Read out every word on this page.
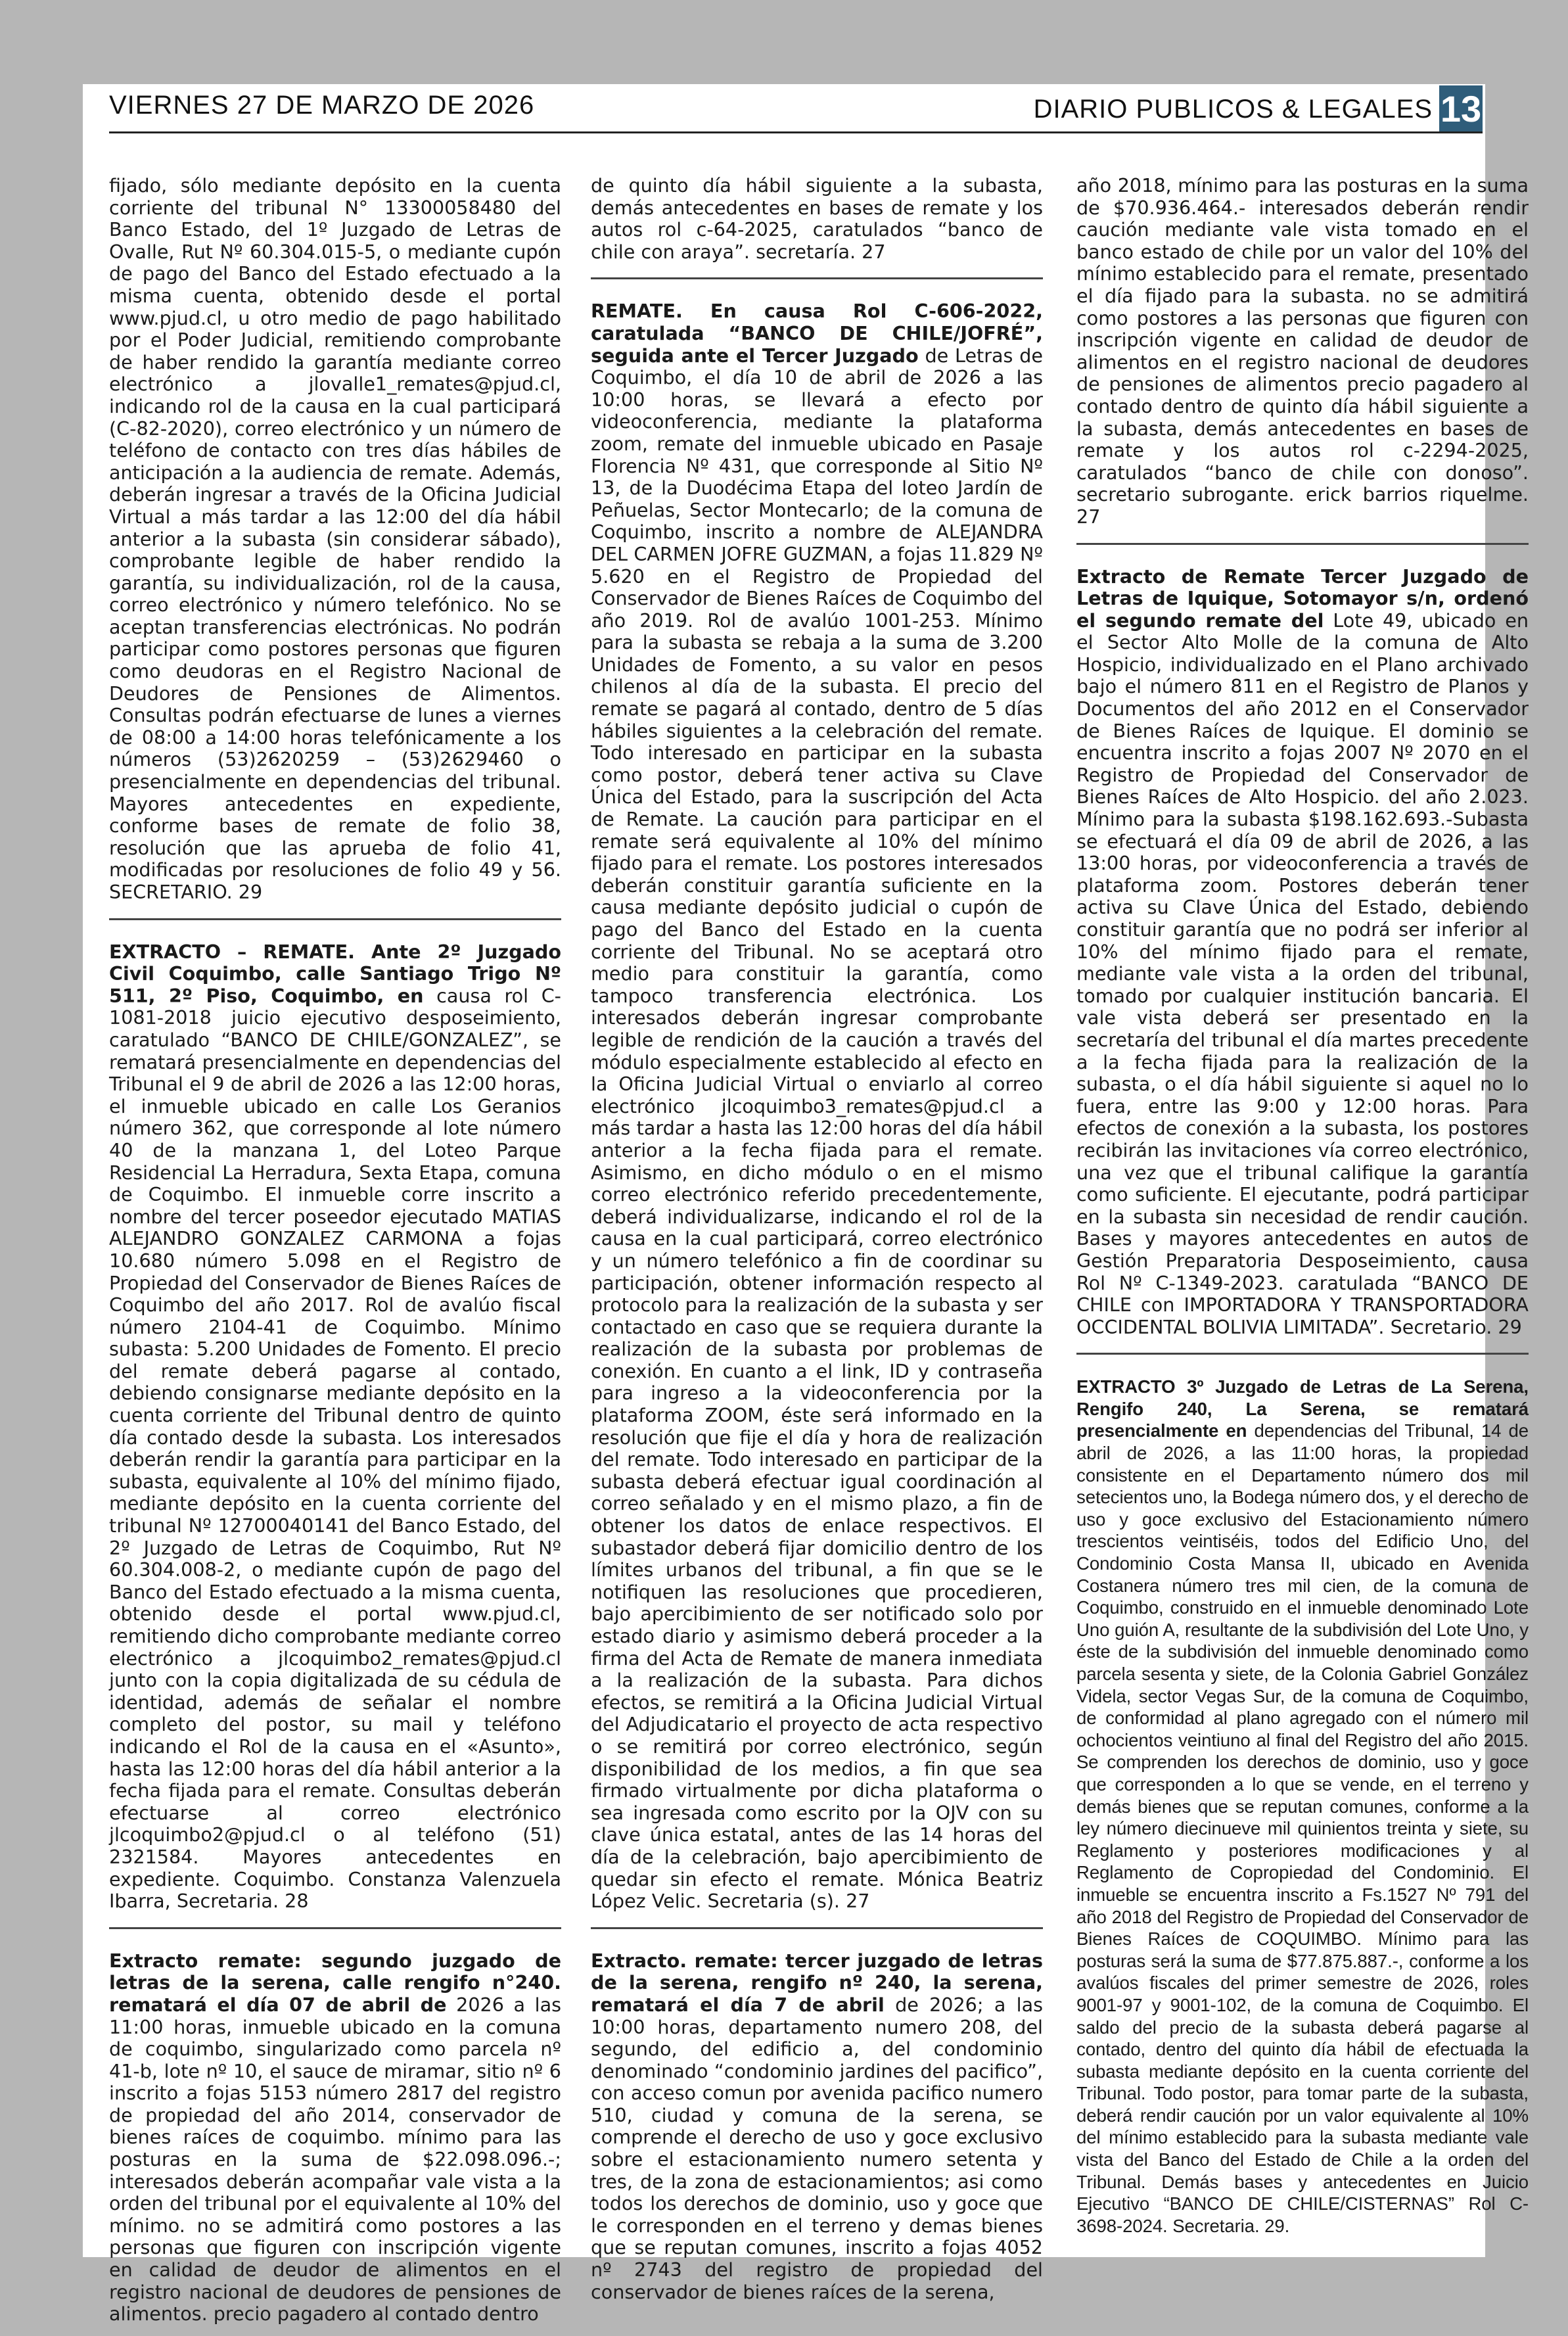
VIERNES 27 DE MARZO DE 2026	DIARIO PUBLICOS & LEGALES 13

fijado, sólo mediante depósito en la cuenta corriente del tribunal N° 13300058480 del Banco Estado, del 1º Juzgado de Letras de Ovalle, Rut Nº 60.304.015-5, o mediante cupón de pago del Banco del Estado efectuado a la misma cuenta, obtenido desde el portal www.pjud.cl, u otro medio de pago habilitado por el Poder Judicial, remitiendo comprobante de haber rendido la garantía mediante correo electrónico a jlovalle1_remates@pjud.cl, indicando rol de la causa en la cual participará (C-82-2020), correo electrónico y un número de teléfono de contacto con tres días hábiles de anticipación a la audiencia de remate. Además, deberán ingresar a través de la Oficina Judicial Virtual a más tardar a las 12:00 del día hábil anterior a la subasta (sin considerar sábado), comprobante legible de haber rendido la garantía, su individualización, rol de la causa, correo electrónico y número telefónico. No se aceptan transferencias electrónicas. No podrán participar como postores personas que figuren como deudoras en el Registro Nacional de Deudores de Pensiones de Alimentos. Consultas podrán efectuarse de lunes a viernes de 08:00 a 14:00 horas telefónicamente a los números (53)2620259 – (53)2629460 o presencialmente en dependencias del tribunal. Mayores antecedentes en expediente, conforme bases de remate de folio 38, resolución que las aprueba de folio 41, modificadas por resoluciones de folio 49 y 56. SECRETARIO. 29

EXTRACTO – REMATE. Ante 2º Juzgado Civil Coquimbo, calle Santiago Trigo Nº 511, 2º Piso, Coquimbo, en causa rol C-1081-2018 juicio ejecutivo desposeimiento, caratulado “BANCO DE CHILE/GONZALEZ”, se rematará presencialmente en dependencias del Tribunal el 9 de abril de 2026 a las 12:00 horas, el inmueble ubicado en calle Los Geranios número 362, que corresponde al lote número 40 de la manzana 1, del Loteo Parque Residencial La Herradura, Sexta Etapa, comuna de Coquimbo. El inmueble corre inscrito a nombre del tercer poseedor ejecutado MATIAS ALEJANDRO GONZALEZ CARMONA a fojas 10.680 número 5.098 en el Registro de Propiedad del Conservador de Bienes Raíces de Coquimbo del año 2017. Rol de avalúo fiscal número 2104-41 de Coquimbo. Mínimo subasta: 5.200 Unidades de Fomento. El precio del remate deberá pagarse al contado, debiendo consignarse mediante depósito en la cuenta corriente del Tribunal dentro de quinto día contado desde la subasta. Los interesados deberán rendir la garantía para participar en la subasta, equivalente al 10% del mínimo fijado, mediante depósito en la cuenta corriente del tribunal Nº 12700040141 del Banco Estado, del 2º Juzgado de Letras de Coquimbo, Rut Nº 60.304.008-2, o mediante cupón de pago del Banco del Estado efectuado a la misma cuenta, obtenido desde el portal www.pjud.cl, remitiendo dicho comprobante mediante correo electrónico a jlcoquimbo2_remates@pjud.cl junto con la copia digitalizada de su cédula de identidad, además de señalar el nombre completo del postor, su mail y teléfono indicando el Rol de la causa en el «Asunto», hasta las 12:00 horas del día hábil anterior a la fecha fijada para el remate. Consultas deberán efectuarse al correo electrónico jlcoquimbo2@pjud.cl o al teléfono (51) 2321584. Mayores antecedentes en expediente. Coquimbo. Constanza Valenzuela Ibarra, Secretaria. 28

Extracto remate: segundo juzgado de letras de la serena, calle rengifo n°240. rematará el día 07 de abril de 2026 a las 11:00 horas, inmueble ubicado en la comuna de coquimbo, singularizado como parcela nº 41-b, lote nº 10, el sauce de miramar, sitio nº 6 inscrito a fojas 5153 número 2817 del registro de propiedad del año 2014, conservador de bienes raíces de coquimbo. mínimo para las posturas en la suma de $22.098.096.-; interesados deberán acompañar vale vista a la orden del tribunal por el equivalente al 10% del mínimo. no se admitirá como postores a las personas que figuren con inscripción vigente en calidad de deudor de alimentos en el registro nacional de deudores de pensiones de alimentos. precio pagadero al contado dentro

de quinto día hábil siguiente a la subasta, demás antecedentes en bases de remate y los autos rol c-64-2025, caratulados “banco de chile con araya”. secretaría. 27

REMATE. En causa Rol C-606-2022, caratulada “BANCO DE CHILE/JOFRÉ”, seguida ante el Tercer Juzgado de Letras de Coquimbo, el día 10 de abril de 2026 a las 10:00 horas, se llevará a efecto por videoconferencia, mediante la plataforma zoom, remate del inmueble ubicado en Pasaje Florencia Nº 431, que corresponde al Sitio Nº 13, de la Duodécima Etapa del loteo Jardín de Peñuelas, Sector Montecarlo; de la comuna de Coquimbo, inscrito a nombre de ALEJANDRA DEL CARMEN JOFRE GUZMAN, a fojas 11.829 Nº 5.620 en el Registro de Propiedad del Conservador de Bienes Raíces de Coquimbo del año 2019. Rol de avalúo 1001-253. Mínimo para la subasta se rebaja a la suma de 3.200 Unidades de Fomento, a su valor en pesos chilenos al día de la subasta. El precio del remate se pagará al contado, dentro de 5 días hábiles siguientes a la celebración del remate. Todo interesado en participar en la subasta como postor, deberá tener activa su Clave Única del Estado, para la suscripción del Acta de Remate. La caución para participar en el remate será equivalente al 10% del mínimo fijado para el remate. Los postores interesados deberán constituir garantía suficiente en la causa mediante depósito judicial o cupón de pago del Banco del Estado en la cuenta corriente del Tribunal. No se aceptará otro medio para constituir la garantía, como tampoco transferencia electrónica. Los interesados deberán ingresar comprobante legible de rendición de la caución a través del módulo especialmente establecido al efecto en la Oficina Judicial Virtual o enviarlo al correo electrónico jlcoquimbo3_remates@pjud.cl a más tardar a hasta las 12:00 horas del día hábil anterior a la fecha fijada para el remate. Asimismo, en dicho módulo o en el mismo correo electrónico referido precedentemente, deberá individualizarse, indicando el rol de la causa en la cual participará, correo electrónico y un número telefónico a fin de coordinar su participación, obtener información respecto al protocolo para la realización de la subasta y ser contactado en caso que se requiera durante la realización de la subasta por problemas de conexión. En cuanto a el link, ID y contraseña para ingreso a la videoconferencia por la plataforma ZOOM, éste será informado en la resolución que fije el día y hora de realización del remate. Todo interesado en participar de la subasta deberá efectuar igual coordinación al correo señalado y en el mismo plazo, a fin de obtener los datos de enlace respectivos. El subastador deberá fijar domicilio dentro de los límites urbanos del tribunal, a fin que se le notifiquen las resoluciones que procedieren, bajo apercibimiento de ser notificado solo por estado diario y asimismo deberá proceder a la firma del Acta de Remate de manera inmediata a la realización de la subasta. Para dichos efectos, se remitirá a la Oficina Judicial Virtual del Adjudicatario el proyecto de acta respectivo o se remitirá por correo electrónico, según disponibilidad de los medios, a fin que sea firmado virtualmente por dicha plataforma o sea ingresada como escrito por la OJV con su clave única estatal, antes de las 14 horas del día de la celebración, bajo apercibimiento de quedar sin efecto el remate. Mónica Beatriz López Velic. Secretaria (s). 27

Extracto. remate: tercer juzgado de letras de la serena, rengifo nº 240, la serena, rematará el día 7 de abril de 2026; a las 10:00 horas, departamento numero 208, del segundo, del edificio a, del condominio denominado “condominio jardines del pacifico”, con acceso comun por avenida pacifico numero 510, ciudad y comuna de la serena, se comprende el derecho de uso y goce exclusivo sobre el estacionamiento numero setenta y tres, de la zona de estacionamientos; asi como todos los derechos de dominio, uso y goce que le corresponden en el terreno y demas bienes que se reputan comunes, inscrito a fojas 4052 nº 2743 del registro de propiedad del conservador de bienes raíces de la serena,

año 2018, mínimo para las posturas en la suma de $70.936.464.- interesados deberán rendir caución mediante vale vista tomado en el banco estado de chile por un valor del 10% del mínimo establecido para el remate, presentado el día fijado para la subasta. no se admitirá como postores a las personas que figuren con inscripción vigente en calidad de deudor de alimentos en el registro nacional de deudores de pensiones de alimentos precio pagadero al contado dentro de quinto día hábil siguiente a la subasta, demás antecedentes en bases de remate y los autos rol c-2294-2025, caratulados “banco de chile con donoso”. secretario subrogante. erick barrios riquelme. 27

Extracto de Remate Tercer Juzgado de Letras de Iquique, Sotomayor s/n, ordenó el segundo remate del Lote 49, ubicado en el Sector Alto Molle de la comuna de Alto Hospicio, individualizado en el Plano archivado bajo el número 811 en el Registro de Planos y Documentos del año 2012 en el Conservador de Bienes Raíces de Iquique. El dominio se encuentra inscrito a fojas 2007 Nº 2070 en el Registro de Propiedad del Conservador de Bienes Raíces de Alto Hospicio. del año 2.023. Mínimo para la subasta $198.162.693.-Subasta se efectuará el día 09 de abril de 2026, a las 13:00 horas, por videoconferencia a través de plataforma zoom. Postores deberán tener activa su Clave Única del Estado, debiendo constituir garantía que no podrá ser inferior al 10% del mínimo fijado para el remate, mediante vale vista a la orden del tribunal, tomado por cualquier institución bancaria. El vale vista deberá ser presentado en la secretaría del tribunal el día martes precedente a la fecha fijada para la realización de la subasta, o el día hábil siguiente si aquel no lo fuera, entre las 9:00 y 12:00 horas. Para efectos de conexión a la subasta, los postores recibirán las invitaciones vía correo electrónico, una vez que el tribunal califique la garantía como suficiente. El ejecutante, podrá participar en la subasta sin necesidad de rendir caución. Bases y mayores antecedentes en autos de Gestión Preparatoria Desposeimiento, causa Rol Nº C-1349-2023. caratulada “BANCO DE CHILE con IMPORTADORA Y TRANSPORTADORA OCCIDENTAL BOLIVIA LIMITADA”. Secretario. 29

EXTRACTO 3º Juzgado de Letras de La Serena, Rengifo 240, La Serena, se rematará presencialmente en dependencias del Tribunal, 14 de abril de 2026, a las 11:00 horas, la propiedad consistente en el Departamento número dos mil setecientos uno, la Bodega número dos, y el derecho de uso y goce exclusivo del Estacionamiento número trescientos veintiséis, todos del Edificio Uno, del Condominio Costa Mansa II, ubicado en Avenida Costanera número tres mil cien, de la comuna de Coquimbo, construido en el inmueble denominado Lote Uno guión A, resultante de la subdivisión del Lote Uno, y éste de la subdivisión del inmueble denominado como parcela sesenta y siete, de la Colonia Gabriel González Videla, sector Vegas Sur, de la comuna de Coquimbo, de conformidad al plano agregado con el número mil ochocientos veintiuno al final del Registro del año 2015. Se comprenden los derechos de dominio, uso y goce que corresponden a lo que se vende, en el terreno y demás bienes que se reputan comunes, conforme a la ley número diecinueve mil quinientos treinta y siete, su Reglamento y posteriores modificaciones y al Reglamento de Copropiedad del Condominio. El inmueble se encuentra inscrito a Fs.1527 Nº 791 del año 2018 del Registro de Propiedad del Conservador de Bienes Raíces de COQUIMBO. Mínimo para las posturas será la suma de $77.875.887.-, conforme a los avalúos fiscales del primer semestre de 2026, roles 9001-97 y 9001-102, de la comuna de Coquimbo. El saldo del precio de la subasta deberá pagarse al contado, dentro del quinto día hábil de efectuada la subasta mediante depósito en la cuenta corriente del Tribunal. Todo postor, para tomar parte de la subasta, deberá rendir caución por un valor equivalente al 10% del mínimo establecido para la subasta mediante vale vista del Banco del Estado de Chile a la orden del Tribunal. Demás bases y antecedentes en Juicio Ejecutivo “BANCO DE CHILE/CISTERNAS” Rol C-3698-2024. Secretaria. 29.
